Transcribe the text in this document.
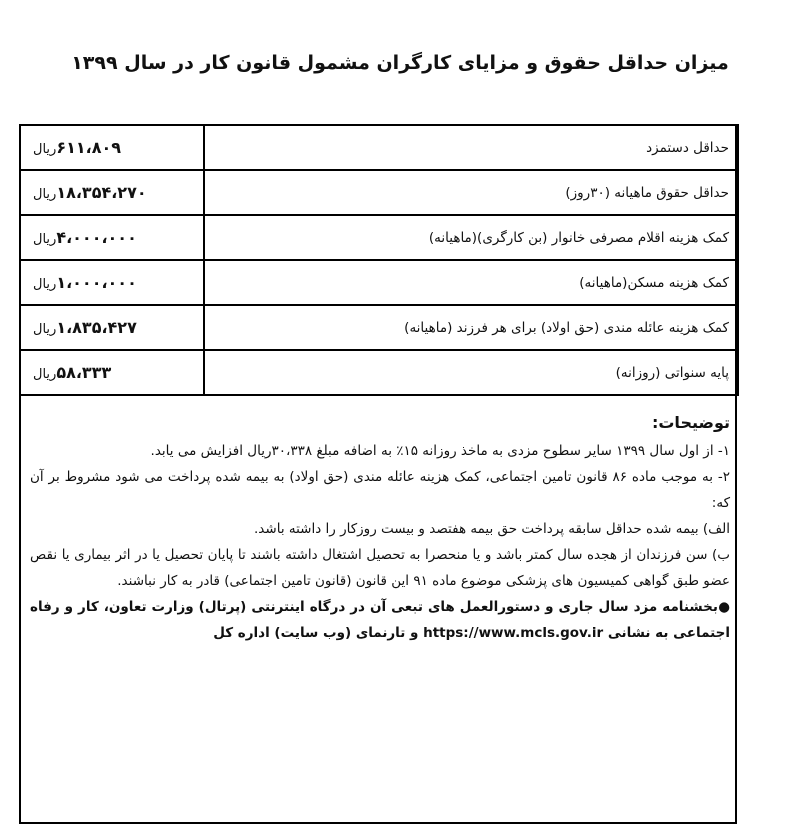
میزان حداقل حقوق و مزایای کارگران مشمول قانون کار در سال ۱۳۹۹
حداقل دستمزد	۶۱۱،۸۰۹ریال
حداقل حقوق ماهیانه (۳۰روز)	۱۸،۳۵۴،۲۷۰ریال
کمک هزینه اقلام مصرفی خانوار (بن کارگری)(ماهیانه)	۴،۰۰۰،۰۰۰ریال
کمک هزینه مسکن(ماهیانه)	۱،۰۰۰،۰۰۰ریال
کمک هزینه عائله مندی (حق اولاد) برای هر فرزند (ماهیانه)	۱،۸۳۵،۴۲۷ریال
پایه سنواتی (روزانه)	۵۸،۳۳۳ریال
توضیحات:

۱- از اول سال ۱۳۹۹ سایر سطوح مزدی به ماخذ روزانه ۱۵٪ به اضافه مبلغ ۳۰،۳۳۸ریال افزایش می یابد.

۲- به موجب ماده ۸۶ قانون تامین اجتماعی، کمک هزینه عائله مندی (حق اولاد) به بیمه شده پرداخت می شود مشروط بر آن که:

الف) بیمه شده حداقل سابقه پرداخت حق بیمه هفتصد و بیست روزکار را داشته باشد.

ب) سن فرزندان از هجده سال کمتر باشد و یا منحصرا به تحصیل اشتغال داشته باشند تا پایان تحصیل یا در اثر بیماری یا نقص عضو طبق گواهی کمیسیون های پزشکی موضوع ماده ۹۱ این قانون (قانون تامین اجتماعی) قادر به کار نباشند.

●بخشنامه مزد سال جاری و دستورالعمل های تبعی آن در درگاه اینترنتی (پرتال) وزارت تعاون، کار و رفاه اجتماعی به نشانی https://www.mcls.gov.ir و تارنمای (وب سایت) اداره کل
